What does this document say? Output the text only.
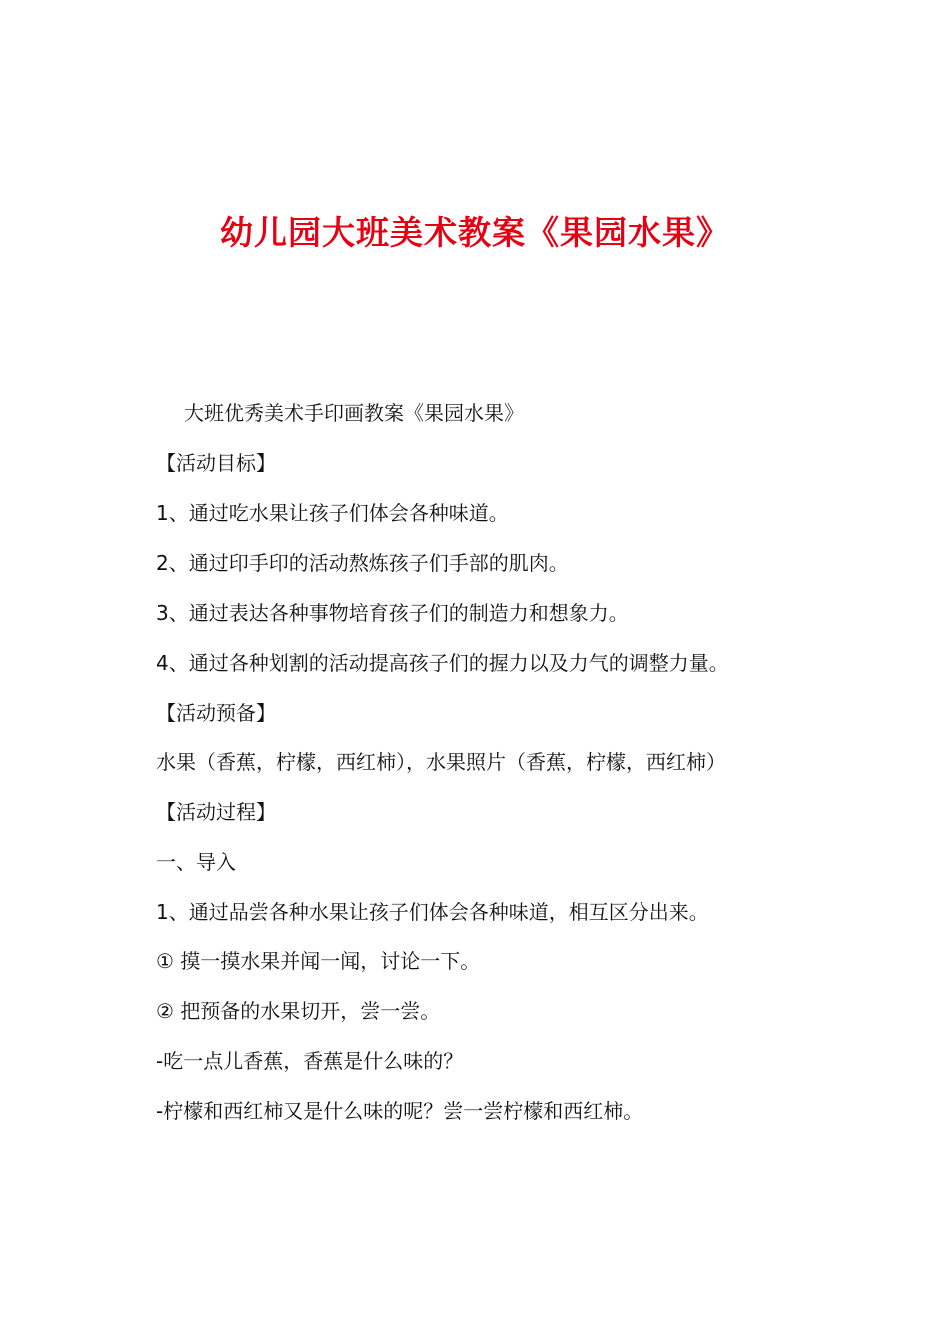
幼儿园大班美术教案《果园水果》
大班优秀美术手印画教案《果园水果》
【活动目标】
1、通过吃水果让孩子们体会各种味道。
2、通过印手印的活动熬炼孩子们手部的肌肉。
3、通过表达各种事物培育孩子们的制造力和想象力。
4、通过各种划割的活动提高孩子们的握力以及力气的调整力量。
【活动预备】
水果（香蕉，柠檬，西红柿），水果照片（香蕉，柠檬，西红柿）
【活动过程】
一、导入
1、通过品尝各种水果让孩子们体会各种味道，相互区分出来。
① 摸一摸水果并闻一闻，讨论一下。
② 把预备的水果切开，尝一尝。
-吃一点儿香蕉，香蕉是什么味的？
-柠檬和西红柿又是什么味的呢？尝一尝柠檬和西红柿。
